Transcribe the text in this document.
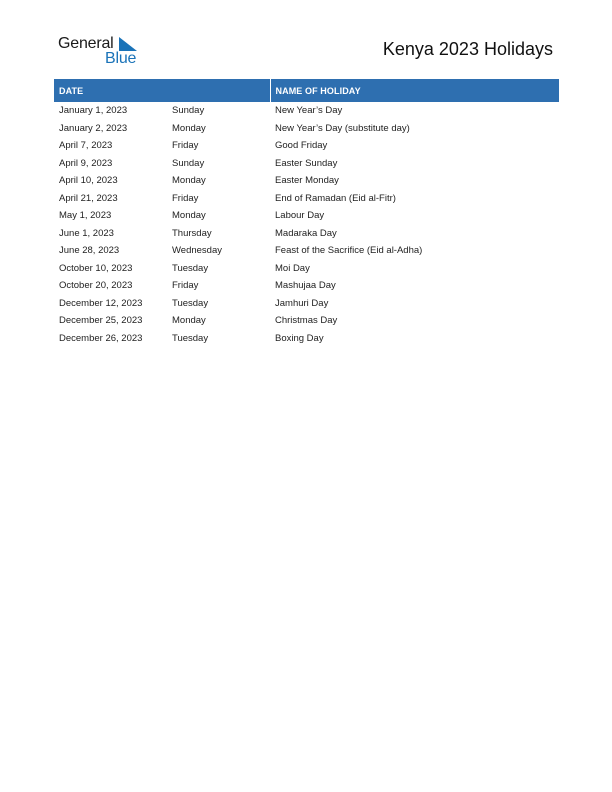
General
Blue	Kenya 2023 Holidays
DATE		NAME OF HOLIDAY
January 1, 2023	Sunday	New Year’s Day
January 2, 2023	Monday	New Year’s Day (substitute day)
April 7, 2023	Friday	Good Friday
April 9, 2023	Sunday	Easter Sunday
April 10, 2023	Monday	Easter Monday
April 21, 2023	Friday	End of Ramadan (Eid al-Fitr)
May 1, 2023	Monday	Labour Day
June 1, 2023	Thursday	Madaraka Day
June 28, 2023	Wednesday	Feast of the Sacrifice (Eid al-Adha)
October 10, 2023	Tuesday	Moi Day
October 20, 2023	Friday	Mashujaa Day
December 12, 2023	Tuesday	Jamhuri Day
December 25, 2023	Monday	Christmas Day
December 26, 2023	Tuesday	Boxing Day
